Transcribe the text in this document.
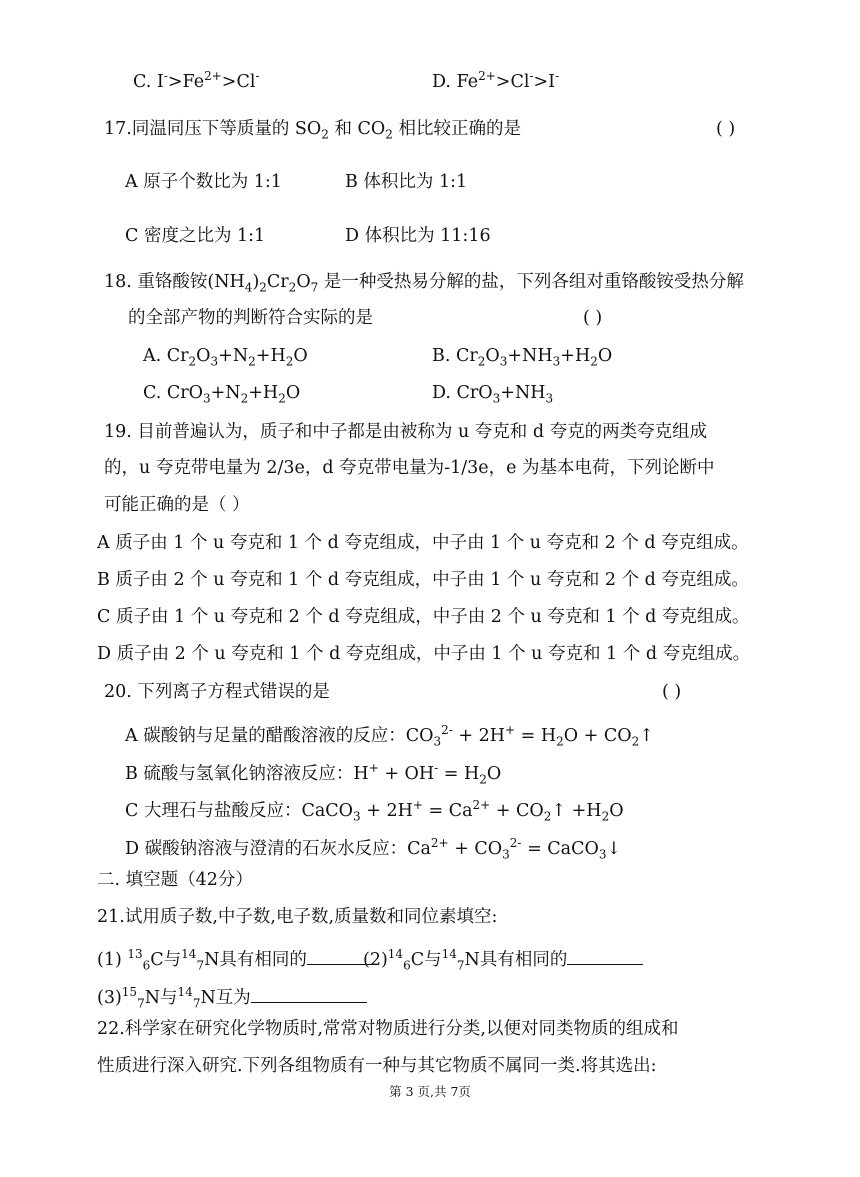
C. $I^->Fe^{2+}>Cl^-$	D. $Fe^{2+}>Cl^->I^-$
17.同温同压下等质量的 $SO_2$ 和 $CO_2$ 相比较正确的是	( )
A 原子个数比为 1:1	B 体积比为 1:1
C 密度之比为 1:1	D 体积比为 11:16
18. 重铬酸铵$(NH_4)_2Cr_2O_7$ 是一种受热易分解的盐，下列各组对重铬酸铵受热分解
的全部产物的判断符合实际的是	( )
A. $Cr_2O_3+N_2+H_2O$	B. $Cr_2O_3+NH_3+H_2O$
C. $CrO_3+N_2+H_2O$	D. $CrO_3+NH_3$
19. 目前普遍认为，质子和中子都是由被称为 u 夸克和 d 夸克的两类夸克组成
的，u 夸克带电量为 2/3e，d 夸克带电量为-1/3e，e 为基本电荷，下列论断中
可能正确的是（ ）
A 质子由 1 个 u 夸克和 1 个 d 夸克组成，中子由 1 个 u 夸克和 2 个 d 夸克组成。
B 质子由 2 个 u 夸克和 1 个 d 夸克组成，中子由 1 个 u 夸克和 2 个 d 夸克组成。
C 质子由 1 个 u 夸克和 2 个 d 夸克组成，中子由 2 个 u 夸克和 1 个 d 夸克组成。
D 质子由 2 个 u 夸克和 1 个 d 夸克组成，中子由 1 个 u 夸克和 1 个 d 夸克组成。
20. 下列离子方程式错误的是	( )
A 碳酸钠与足量的醋酸溶液的反应：$CO_3^{2-} + 2H^+ = H_2O$ + $CO_2↑$
B 硫酸与氢氧化钠溶液反应：$H^+ + OH^- = H_2O$
C 大理石与盐酸反应：CaCO$_3$ + $2H^+ = Ca^{2+}$ + $CO_2↑ +H_2O$
D 碳酸钠溶液与澄清的石灰水反应：$Ca^{2+} + CO_3^{2-}$ = CaCO$_3$↓
二. 填空题（42分）
21.试用质子数,中子数,电子数,质量数和同位素填空:
(1) $^{13}_6$C与$^{14}_7$N具有相同的	$(2)^{14}_6C$与$^{14}_7$N具有相同的
$(3)^{15}_7N$与$^{14}_7$N互为
22.科学家在研究化学物质时,常常对物质进行分类,以便对同类物质的组成和
性质进行深入研究.下列各组物质有一种与其它物质不属同一类.将其选出:
第 3 页,共 7页
